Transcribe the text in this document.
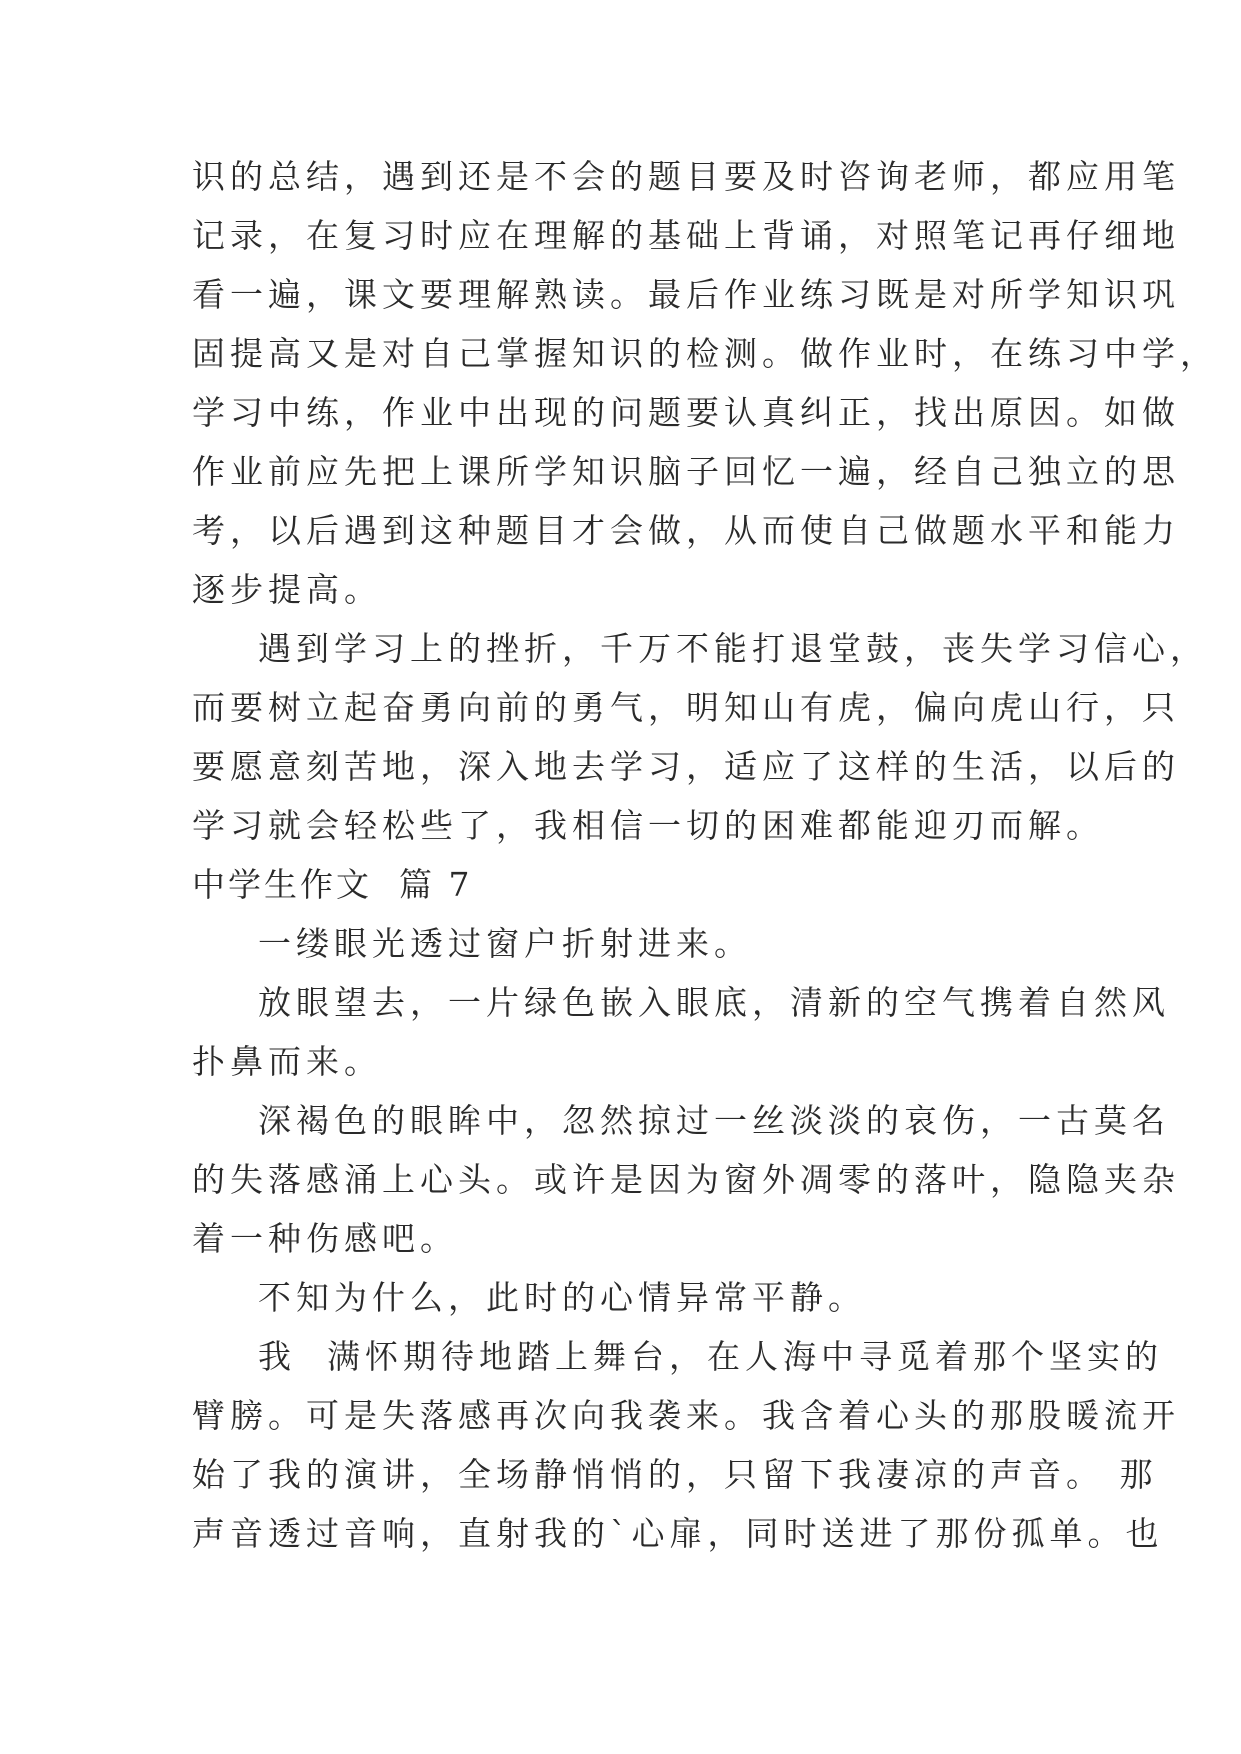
识的总结，遇到还是不会的题目要及时咨询老师，都应用笔
记录，在复习时应在理解的基础上背诵，对照笔记再仔细地
看一遍，课文要理解熟读。最后作业练习既是对所学知识巩
固提高又是对自己掌握知识的检测。做作业时，在练习中学，
学习中练，作业中出现的问题要认真纠正，找出原因。如做
作业前应先把上课所学知识脑子回忆一遍，经自己独立的思
考，以后遇到这种题目才会做，从而使自己做题水平和能力
逐步提高。
遇到学习上的挫折，千万不能打退堂鼓，丧失学习信心，
而要树立起奋勇向前的勇气，明知山有虎，偏向虎山行，只
要愿意刻苦地，深入地去学习，适应了这样的生活，以后的
学习就会轻松些了，我相信一切的困难都能迎刃而解。
中学生作文  篇 7
一缕眼光透过窗户折射进来。
放眼望去，一片绿色嵌入眼底，清新的空气携着自然风
扑鼻而来。
深褐色的眼眸中，忽然掠过一丝淡淡的哀伤，一古莫名
的失落感涌上心头。或许是因为窗外凋零的落叶，隐隐夹杂
着一种伤感吧。
不知为什么，此时的心情异常平静。
我  满怀期待地踏上舞台，在人海中寻觅着那个坚实的
臂膀。可是失落感再次向我袭来。我含着心头的那股暖流开
始了我的演讲，全场静悄悄的，只留下我凄凉的声音。 那
声音透过音响，直射我的`心扉，同时送进了那份孤单。也
